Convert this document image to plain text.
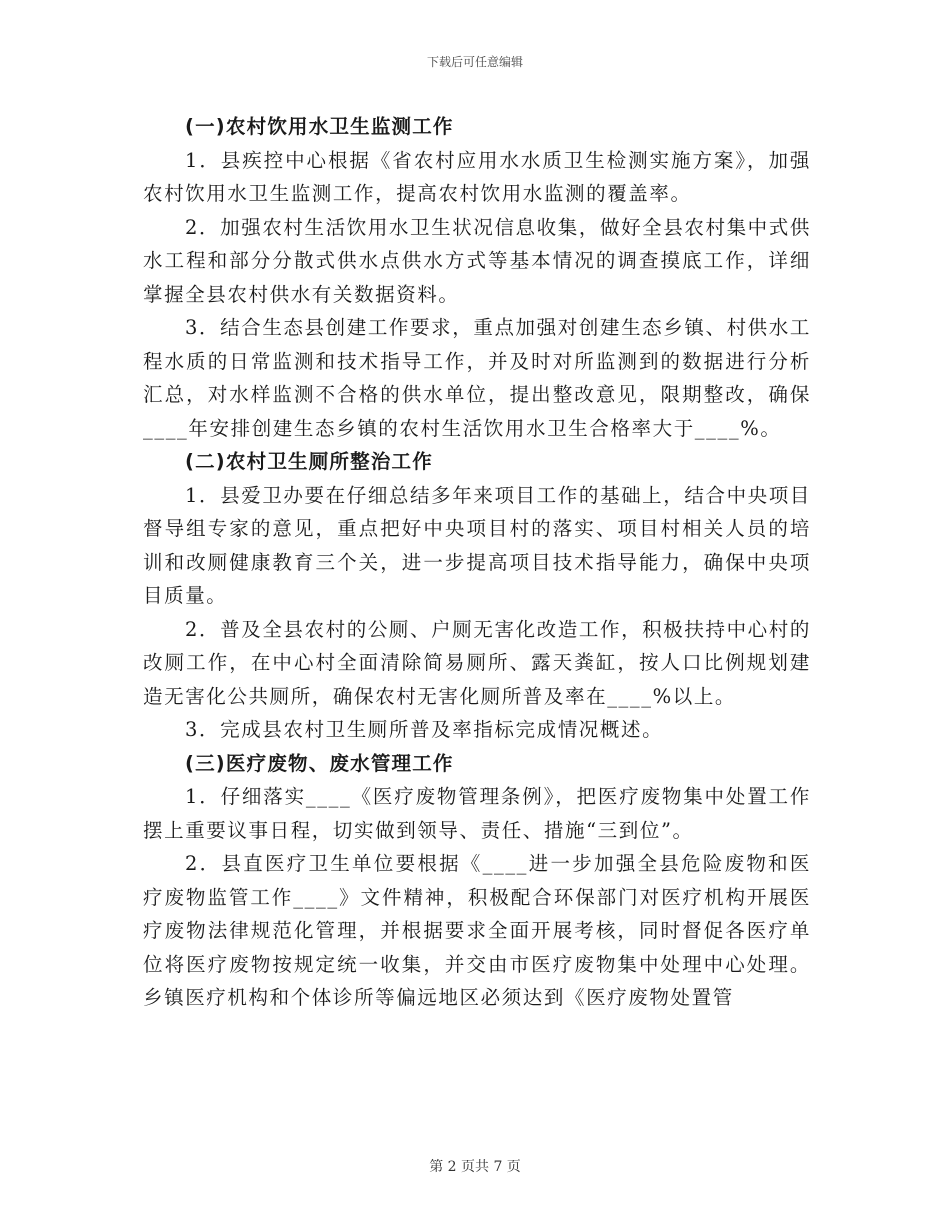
下载后可任意编辑

(一)农村饮用水卫生监测工作

1．县疾控中心根据《省农村应用水水质卫生检测实施方案》，加强农村饮用水卫生监测工作，提高农村饮用水监测的覆盖率。

2．加强农村生活饮用水卫生状况信息收集，做好全县农村集中式供水工程和部分分散式供水点供水方式等基本情况的调查摸底工作，详细掌握全县农村供水有关数据资料。

3．结合生态县创建工作要求，重点加强对创建生态乡镇、村供水工程水质的日常监测和技术指导工作，并及时对所监测到的数据进行分析汇总，对水样监测不合格的供水单位，提出整改意见，限期整改，确保____年安排创建生态乡镇的农村生活饮用水卫生合格率大于____%。

(二)农村卫生厕所整治工作

1．县爱卫办要在仔细总结多年来项目工作的基础上，结合中央项目督导组专家的意见，重点把好中央项目村的落实、项目村相关人员的培训和改厕健康教育三个关，进一步提高项目技术指导能力，确保中央项目质量。

2．普及全县农村的公厕、户厕无害化改造工作，积极扶持中心村的改厕工作，在中心村全面清除简易厕所、露天粪缸，按人口比例规划建造无害化公共厕所，确保农村无害化厕所普及率在____%以上。

3．完成县农村卫生厕所普及率指标完成情况概述。

(三)医疗废物、废水管理工作

1．仔细落实____《医疗废物管理条例》，把医疗废物集中处置工作摆上重要议事日程，切实做到领导、责任、措施“三到位”。

2．县直医疗卫生单位要根据《____进一步加强全县危险废物和医疗废物监管工作____》文件精神，积极配合环保部门对医疗机构开展医疗废物法律规范化管理，并根据要求全面开展考核，同时督促各医疗单位将医疗废物按规定统一收集，并交由市医疗废物集中处理中心处理。乡镇医疗机构和个体诊所等偏远地区必须达到《医疗废物处置管

第 2 页共 7 页
